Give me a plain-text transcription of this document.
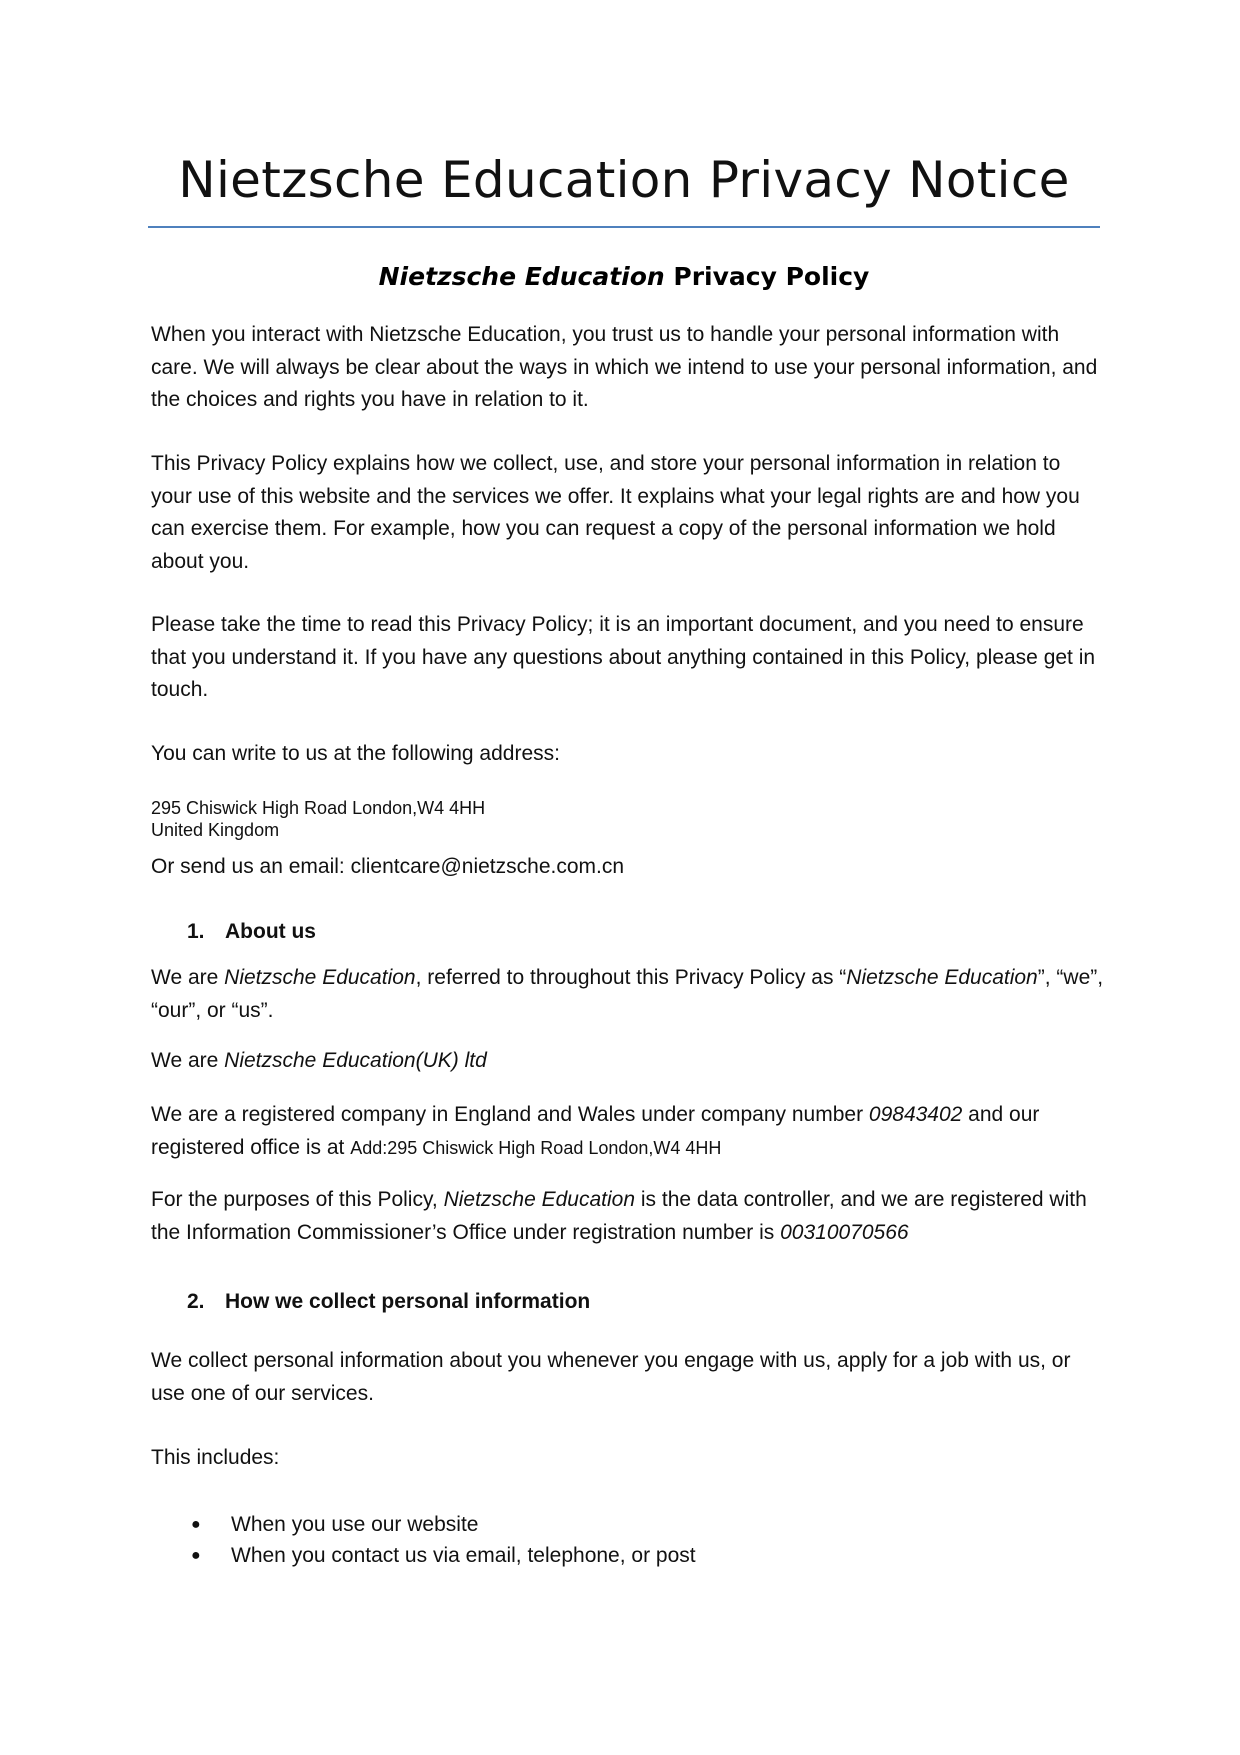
Nietzsche Education Privacy Notice
Nietzsche Education Privacy Policy
When you interact with Nietzsche Education, you trust us to handle your personal information with care. We will always be clear about the ways in which we intend to use your personal information, and the choices and rights you have in relation to it.
This Privacy Policy explains how we collect, use, and store your personal information in relation to your use of this website and the services we offer. It explains what your legal rights are and how you can exercise them. For example, how you can request a copy of the personal information we hold about you.
Please take the time to read this Privacy Policy; it is an important document, and you need to ensure that you understand it. If you have any questions about anything contained in this Policy, please get in touch.
You can write to us at the following address:
295 Chiswick High Road London,W4 4HH
United Kingdom
Or send us an email: clientcare@nietzsche.com.cn
1. About us
We are Nietzsche Education, referred to throughout this Privacy Policy as “Nietzsche Education”, “we”, “our”, or “us”.
We are Nietzsche Education(UK) ltd
We are a registered company in England and Wales under company number 09843402 and our registered office is at Add:295 Chiswick High Road London,W4 4HH
For the purposes of this Policy, Nietzsche Education is the data controller, and we are registered with the Information Commissioner’s Office under registration number is 00310070566
2. How we collect personal information
We collect personal information about you whenever you engage with us, apply for a job with us, or use one of our services.
This includes:
● When you use our website
● When you contact us via email, telephone, or post
